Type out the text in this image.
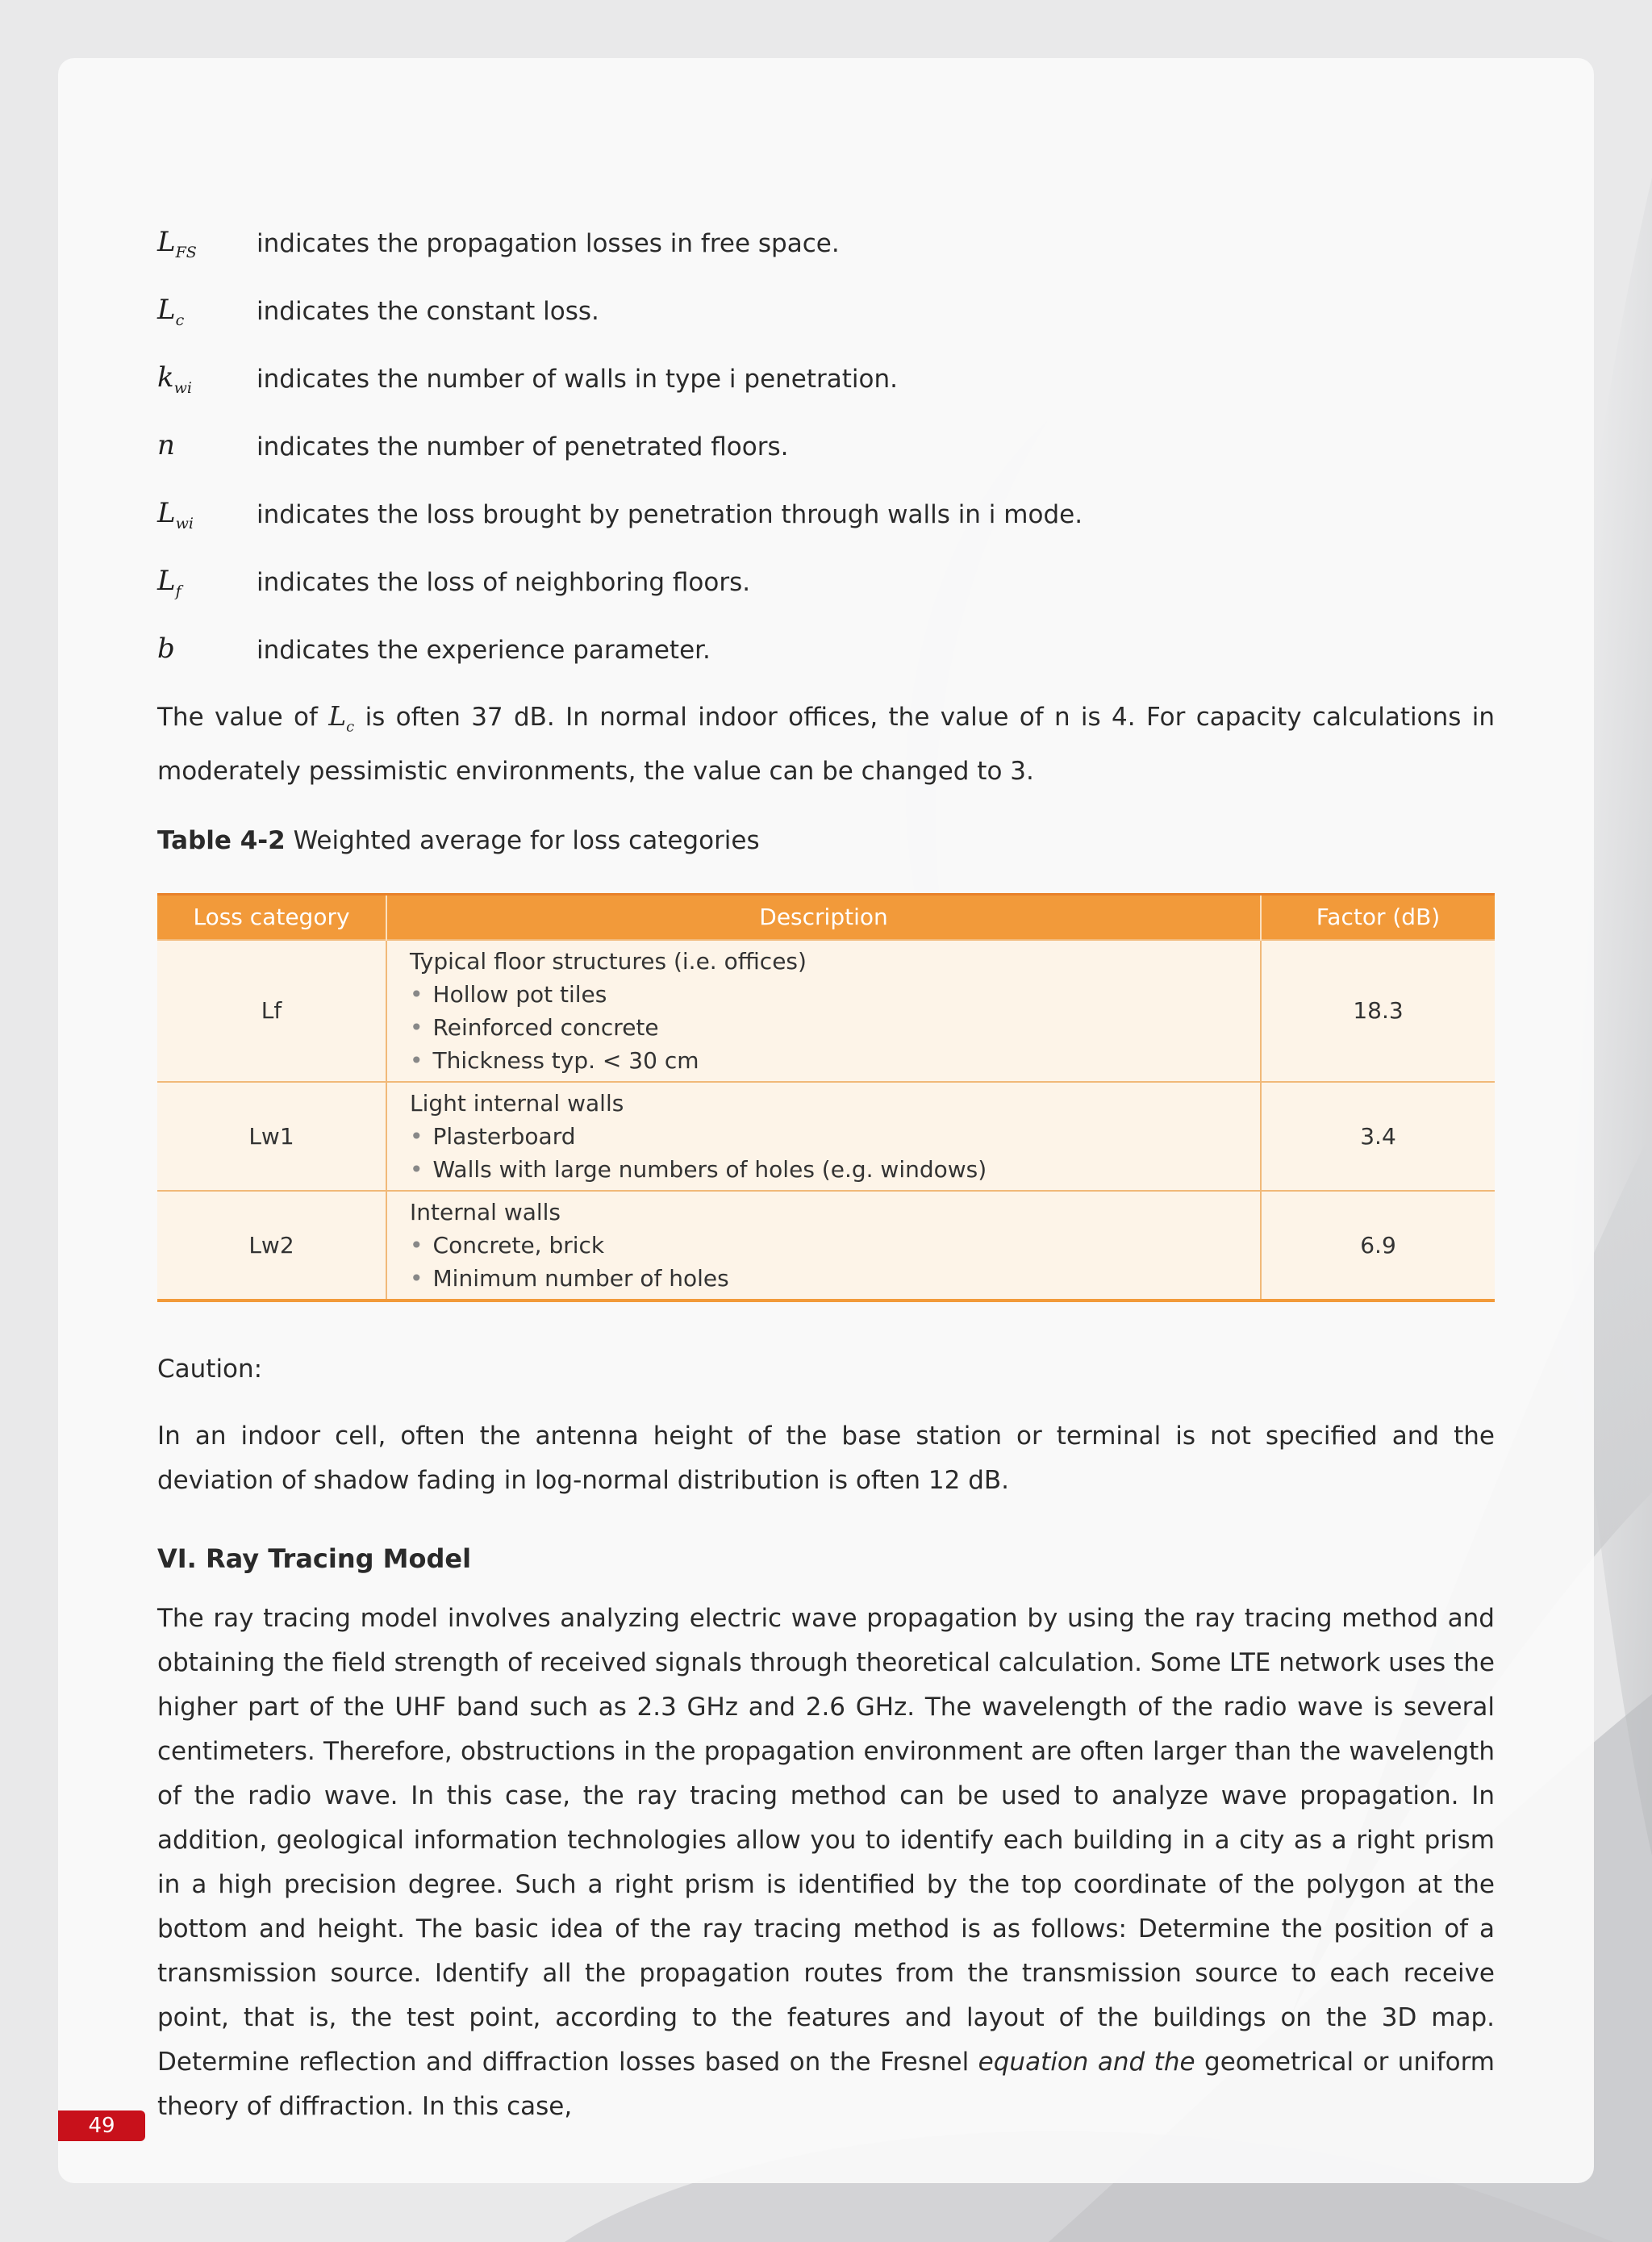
$L_{FS}$	indicates the propagation losses in free space.
$L_c$	indicates the constant loss.
$k_{wi}$	indicates the number of walls in type i penetration.
n	indicates the number of penetrated floors.
$L_{wi}$	indicates the loss brought by penetration through walls in i mode.
$L_f$	indicates the loss of neighboring floors.
b	indicates the experience parameter.

The value of $L_c$ is often 37 dB. In normal indoor offices, the value of n is 4. For capacity calculations in moderately pessimistic environments, the value can be changed to 3.

Table 4-2 Weighted average for loss categories
Loss category	Description	Factor (dB)
Lf	Typical floor structures (i.e. offices)
• Hollow pot tiles
• Reinforced concrete
• Thickness typ. < 30 cm	18.3
Lw1	Light internal walls
• Plasterboard
• Walls with large numbers of holes (e.g. windows)	3.4
Lw2	Internal walls
• Concrete, brick
• Minimum number of holes	6.9

Caution:

In an indoor cell, often the antenna height of the base station or terminal is not specified and the deviation of shadow fading in log-normal distribution is often 12 dB.

VI. Ray Tracing Model

The ray tracing model involves analyzing electric wave propagation by using the ray tracing method and obtaining the field strength of received signals through theoretical calculation. Some LTE network uses the higher part of the UHF band such as 2.3 GHz and 2.6 GHz. The wavelength of the radio wave is several centimeters. Therefore, obstructions in the propagation environment are often larger than the wavelength of the radio wave. In this case, the ray tracing method can be used to analyze wave propagation. In addition, geological information technologies allow you to identify each building in a city as a right prism in a high precision degree. Such a right prism is identified by the top coordinate of the polygon at the bottom and height. The basic idea of the ray tracing method is as follows: Determine the position of a transmission source. Identify all the propagation routes from the transmission source to each receive point, that is, the test point, according to the features and layout of the buildings on the 3D map. Determine reflection and diffraction losses based on the Fresnel equation and the geometrical or uniform theory of diffraction. In this case,

49
